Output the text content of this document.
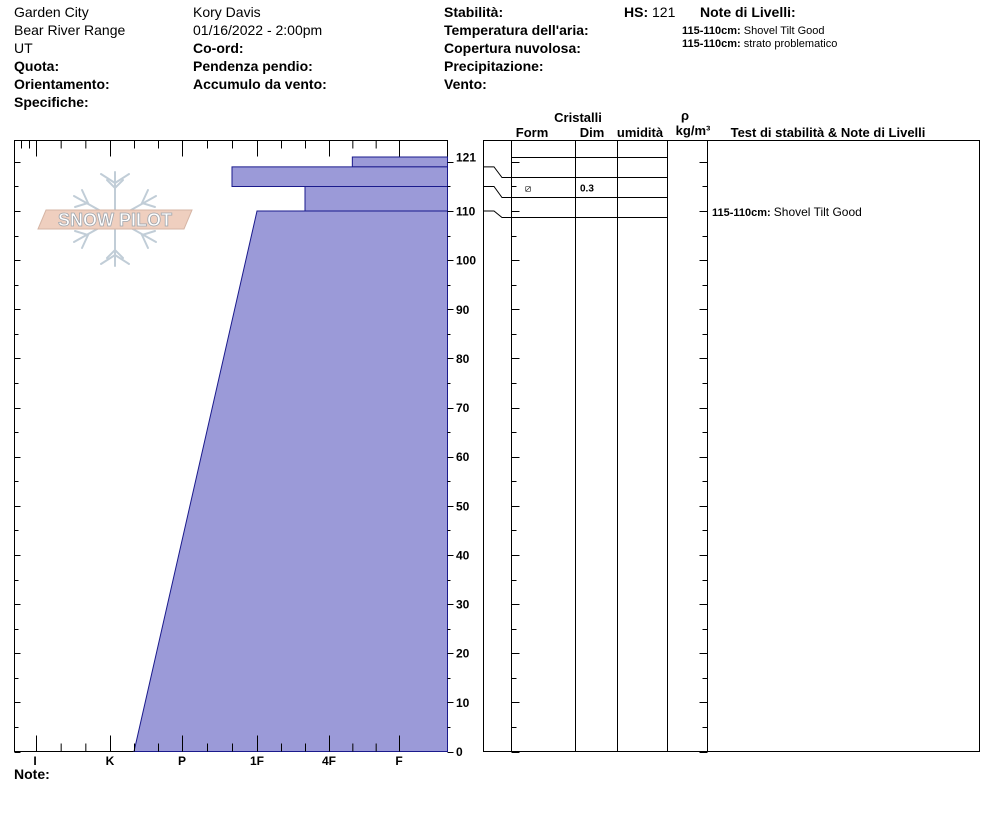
Garden City
Bear River Range
UT
Quota:
Orientamento:
Specifiche:
Kory Davis
01/16/2022 - 2:00pm
Co-ord:
Pendenza pendio:
Accumulo da vento:
Stabilità:
Temperatura dell'aria:
Copertura nuvolosa:
Precipitazione:
Vento:
HS: 121 Note di Livelli:
115-110cm: Shovel Tilt Good
115-110cm: strato problematico
Cristalli
Form	Dim umidità
ρ
kg/m³	Test di stabilità & Note di Livelli
Note:
SNOW PILOT
I	K	P	1F	4F	F
0
10
20
30
40
50
60
70
80
90
100
110
121
⧄	0.3
115-110cm: Shovel Tilt Good
